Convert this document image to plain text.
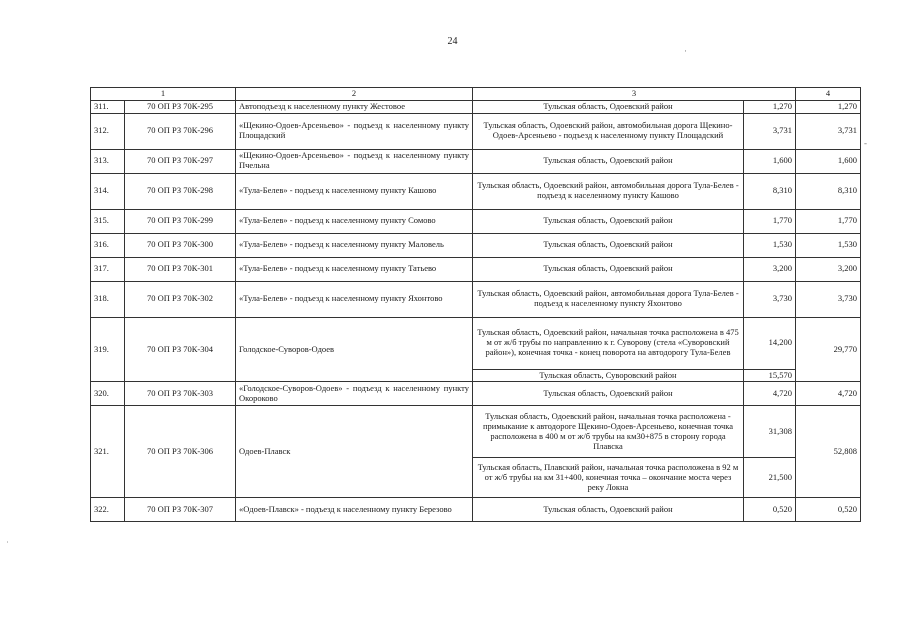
24
1		2	3		4
311.	70 ОП РЗ 70К-295	Автоподъезд к населенному пункту Жестовое	Тульская область, Одоевский район	1,270	1,270
312.	70 ОП РЗ 70К-296	«Щекино-Одоев-Арсеньево» - подъезд к населенному пункту Площадский	Тульская область, Одоевский район, автомобильная дорога Щекино-Одоев-Арсеньево - подъезд к населенному пункту Площадский	3,731	3,731
313.	70 ОП РЗ 70К-297	«Щекино-Одоев-Арсеньево» - подъезд к населенному пункту Пчельна	Тульская область, Одоевский район	1,600	1,600
314.	70 ОП РЗ 70К-298	«Тула-Белев» - подъезд к населенному пункту Кашово	Тульская область, Одоевский район, автомобильная дорога Тула-Белев - подъезд к населенному пункту Кашово	8,310	8,310
315.	70 ОП РЗ 70К-299	«Тула-Белев» - подъезд к населенному пункту Сомово	Тульская область, Одоевский район	1,770	1,770
316.	70 ОП РЗ 70К-300	«Тула-Белев» - подъезд к населенному пункту Маловель	Тульская область, Одоевский район	1,530	1,530
317.	70 ОП РЗ 70К-301	«Тула-Белев» - подъезд к населенному пункту Татьево	Тульская область, Одоевский район	3,200	3,200
318.	70 ОП РЗ 70К-302	«Тула-Белев» - подъезд к населенному пункту Яхонтово	Тульская область, Одоевский район, автомобильная дорога Тула-Белев - подъезд к населенному пункту Яхонтово	3,730	3,730
319.	70 ОП РЗ 70К-304	Голодское-Суворов-Одоев	Тульская область, Одоевский район, начальная точка расположена в 475 м от ж/б трубы по направлению к г. Суворову (стела «Суворовский район»), конечная точка - конец поворота на автодорогу Тула-Белев	14,200	29,770
			Тульская область, Суворовский район	15,570	
320.	70 ОП РЗ 70К-303	«Голодское-Суворов-Одоев» - подъезд к населенному пункту Окороково	Тульская область, Одоевский район	4,720	4,720
321.	70 ОП РЗ 70К-306	Одоев-Плавск	Тульская область, Одоевский район, начальная точка расположена - примыкание к автодороге Щекино-Одоев-Арсеньево, конечная точка расположена в 400 м от ж/б трубы на км30+875 в сторону города Плавска	31,308	52,808
			Тульская область, Плавский район, начальная точка расположена в 92 м от ж/б трубы на км 31+400, конечная точка – окончание моста через реку Локна	21,500	
322.	70 ОП РЗ 70К-307	«Одоев-Плавск» - подъезд к населенному пункту Березово	Тульская область, Одоевский район	0,520	0,520
˙
·
-
